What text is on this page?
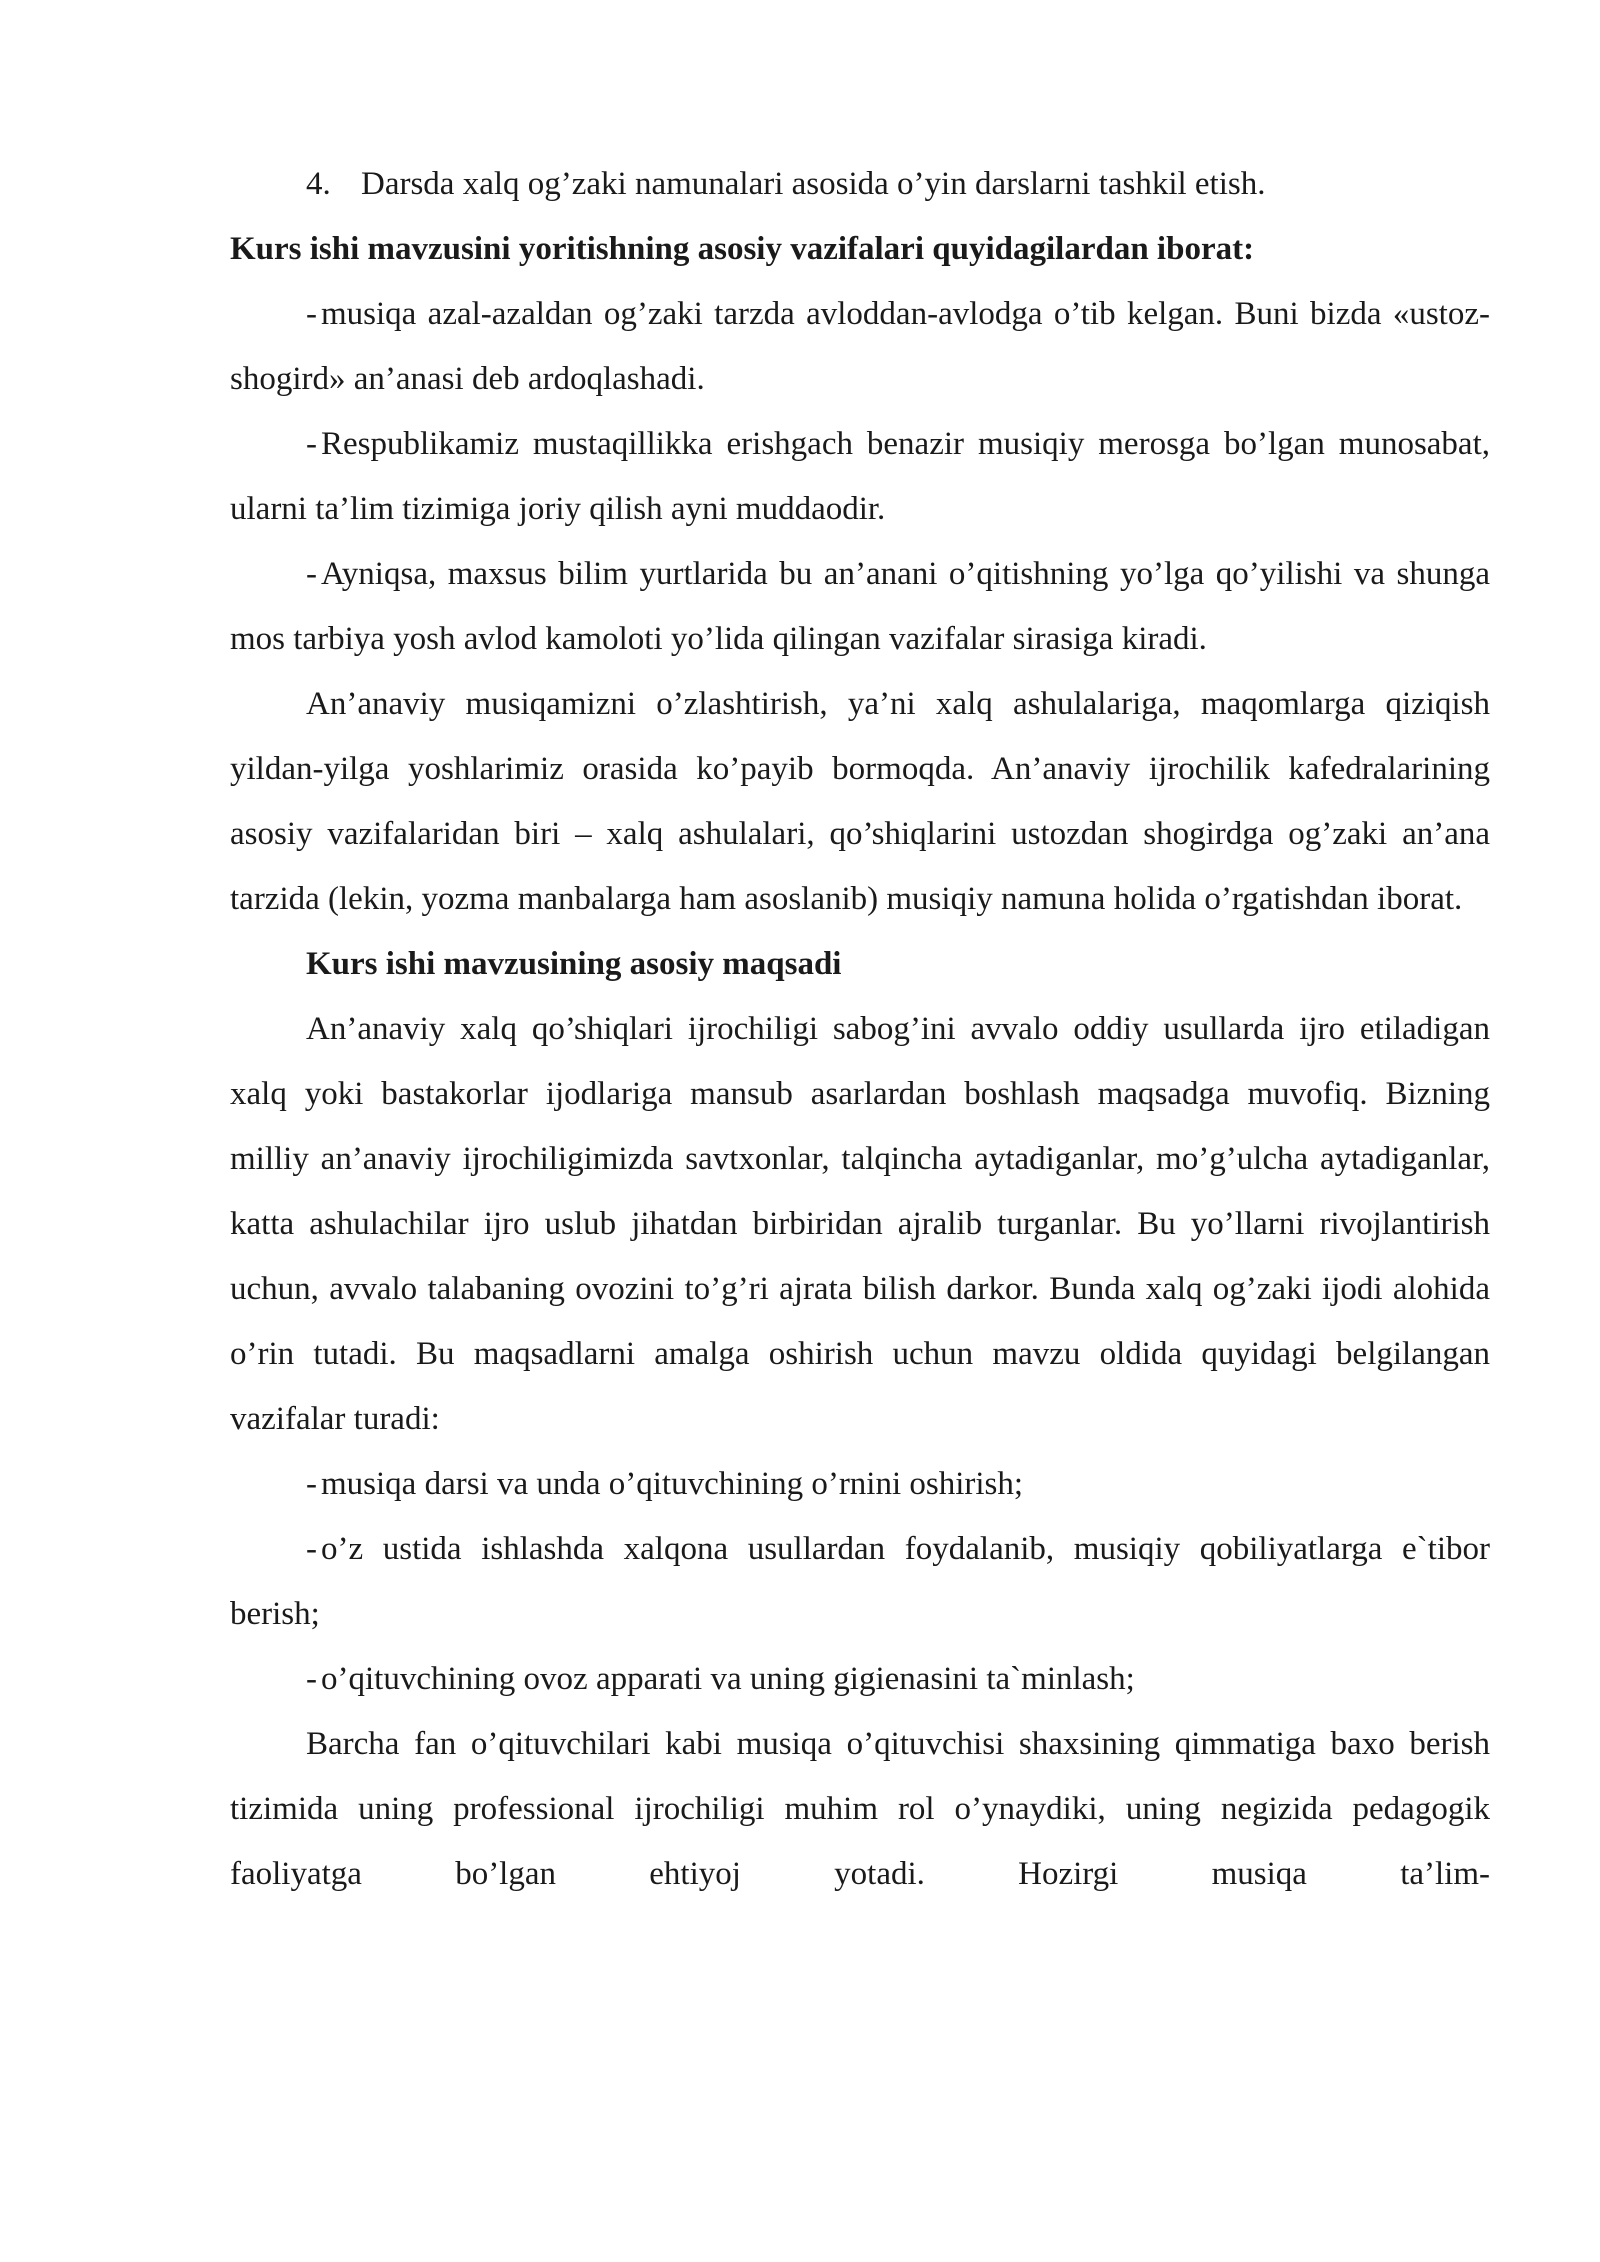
4. Darsda xalq og’zaki namunalari asosida o’yin darslarni tashkil etish.

Kurs ishi mavzusini yoritishning asosiy vazifalari quyidagilardan iborat:

- musiqa azal-azaldan og’zaki tarzda avloddan-avlodga o’tib kelgan. Buni bizda «ustoz-shogird» an’anasi deb ardoqlashadi.

- Respublikamiz mustaqillikka erishgach benazir musiqiy merosga bo’lgan munosabat, ularni ta’lim tizimiga joriy qilish ayni muddaodir.

- Ayniqsa, maxsus bilim yurtlarida bu an’anani o’qitishning yo’lga qo’yilishi va shunga mos tarbiya yosh avlod kamoloti yo’lida qilingan vazifalar sirasiga kiradi.

An’anaviy musiqamizni o’zlashtirish, ya’ni xalq ashulalariga, maqomlarga qiziqish yildan-yilga yoshlarimiz orasida ko’payib bormoqda. An’anaviy ijrochilik kafedralarining asosiy vazifalaridan biri – xalq ashulalari, qo’shiqlarini ustozdan shogirdga og’zaki an’ana tarzida (lekin, yozma manbalarga ham asoslanib) musiqiy namuna holida o’rgatishdan iborat.

Kurs ishi mavzusining asosiy maqsadi

An’anaviy xalq qo’shiqlari ijrochiligi sabog’ini avvalo oddiy usullarda ijro etiladigan xalq yoki bastakorlar ijodlariga mansub asarlardan boshlash maqsadga muvofiq. Bizning milliy an’anaviy ijrochiligimizda savtxonlar, talqincha aytadiganlar, mo’g’ulcha aytadiganlar, katta ashulachilar ijro uslub jihatdan birbiridan ajralib turganlar. Bu yo’llarni rivojlantirish uchun, avvalo talabaning ovozini to’g’ri ajrata bilish darkor. Bunda xalq og’zaki ijodi alohida o’rin tutadi. Bu maqsadlarni amalga oshirish uchun mavzu oldida quyidagi belgilangan vazifalar turadi:

- musiqa darsi va unda o’qituvchining o’rnini oshirish;

- o’z ustida ishlashda xalqona usullardan foydalanib, musiqiy qobiliyatlarga e`tibor berish;

- o’qituvchining ovoz apparati va uning gigienasini ta`minlash;

Barcha fan o’qituvchilari kabi musiqa o’qituvchisi shaxsining qimmatiga baxo berish tizimida uning professional ijrochiligi muhim rol o’ynaydiki, uning negizida pedagogik faoliyatga bo’lgan ehtiyoj yotadi. Hozirgi musiqa ta’lim-
